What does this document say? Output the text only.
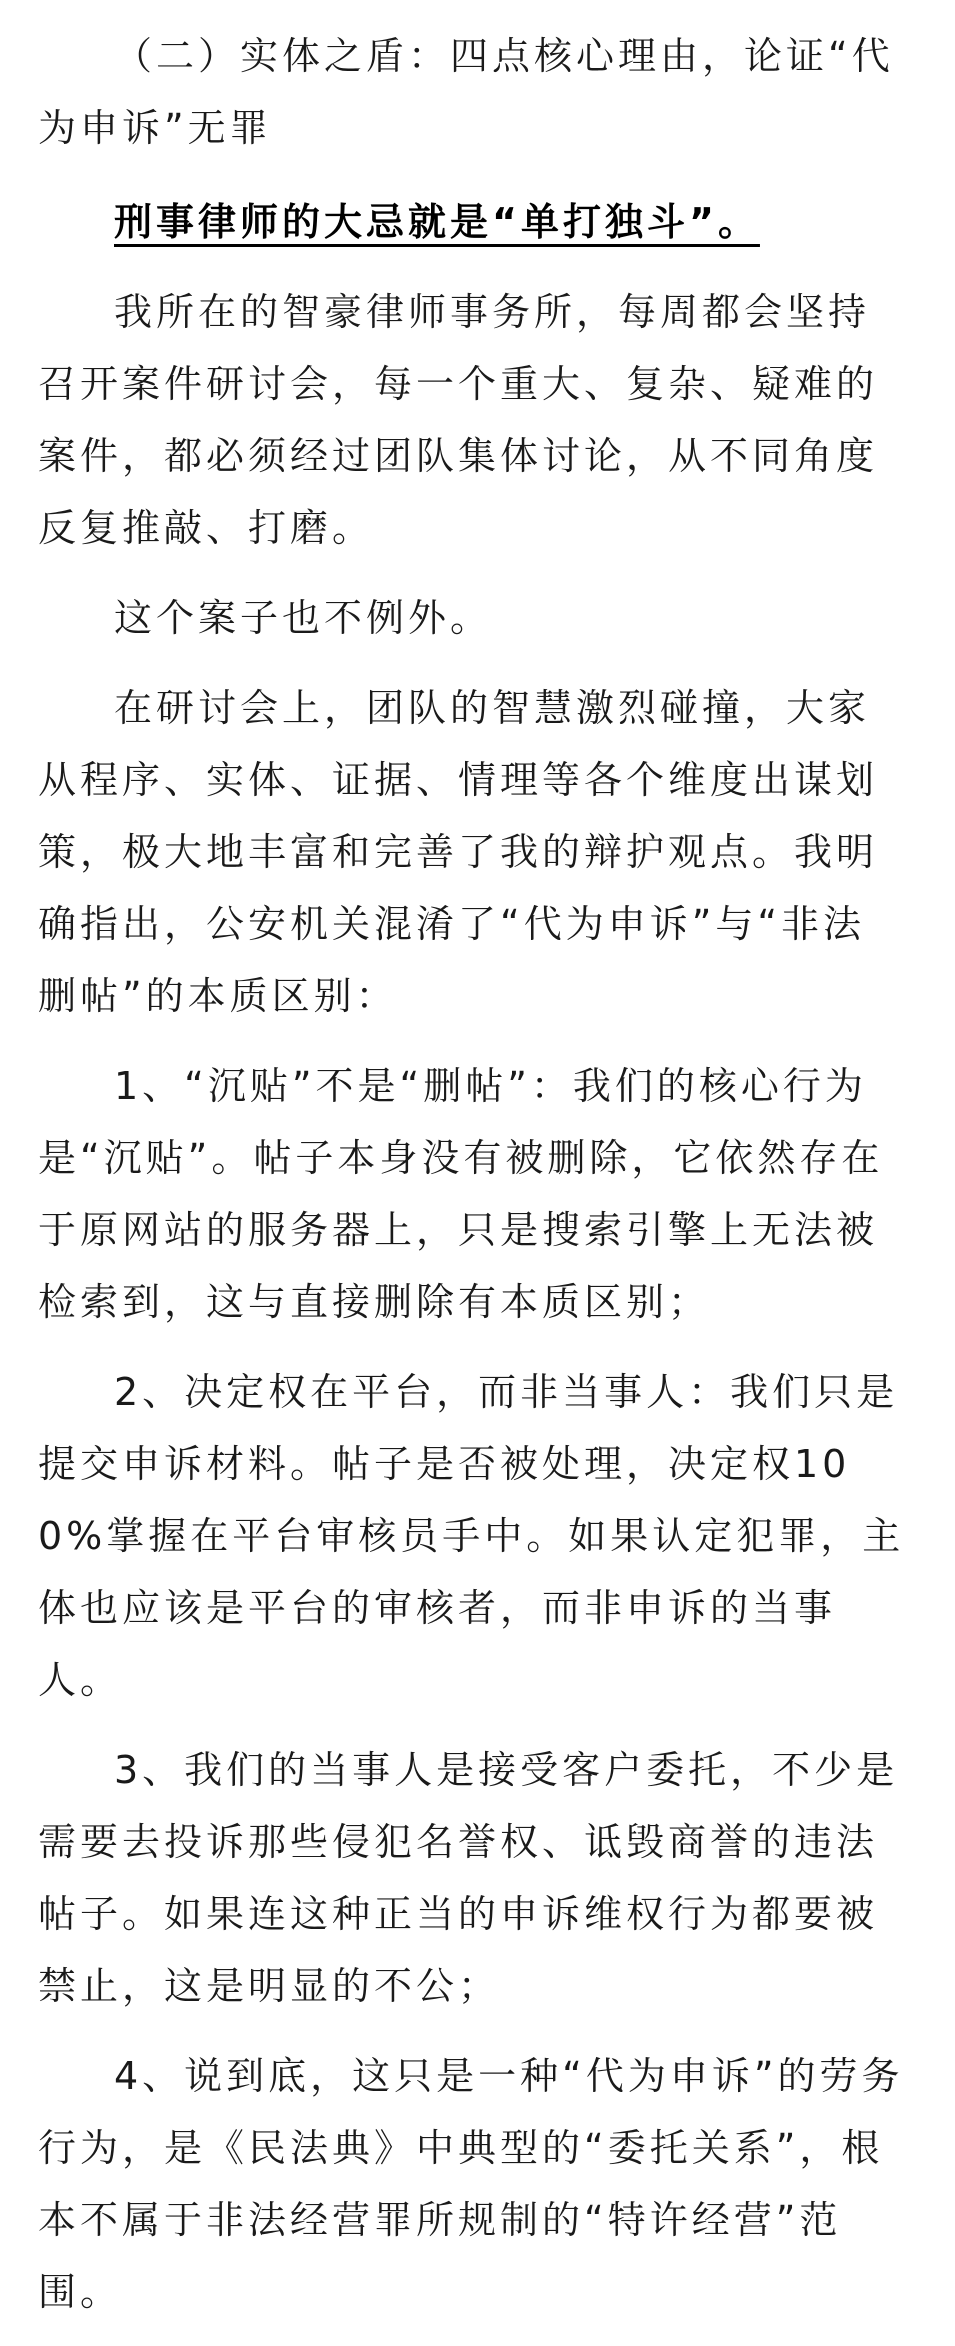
（二）实体之盾：四点核心理由，论证“代为申诉”无罪

刑事律师的大忌就是“单打独斗”。

我所在的智豪律师事务所，每周都会坚持召开案件研讨会，每一个重大、复杂、疑难的案件，都必须经过团队集体讨论，从不同角度反复推敲、打磨。

这个案子也不例外。

在研讨会上，团队的智慧激烈碰撞，大家从程序、实体、证据、情理等各个维度出谋划策，极大地丰富和完善了我的辩护观点。我明确指出，公安机关混淆了“代为申诉”与“非法删帖”的本质区别：

1、“沉贴”不是“删帖”：我们的核心行为是“沉贴”。帖子本身没有被删除，它依然存在于原网站的服务器上，只是搜索引擎上无法被检索到，这与直接删除有本质区别；

2、决定权在平台，而非当事人：我们只是提交申诉材料。帖子是否被处理，决定权100%掌握在平台审核员手中。如果认定犯罪，主体也应该是平台的审核者，而非申诉的当事人。

3、我们的当事人是接受客户委托，不少是需要去投诉那些侵犯名誉权、诋毁商誉的违法帖子。如果连这种正当的申诉维权行为都要被禁止，这是明显的不公；

4、说到底，这只是一种“代为申诉”的劳务行为，是《民法典》中典型的“委托关系”，根本不属于非法经营罪所规制的“特许经营”范围。
